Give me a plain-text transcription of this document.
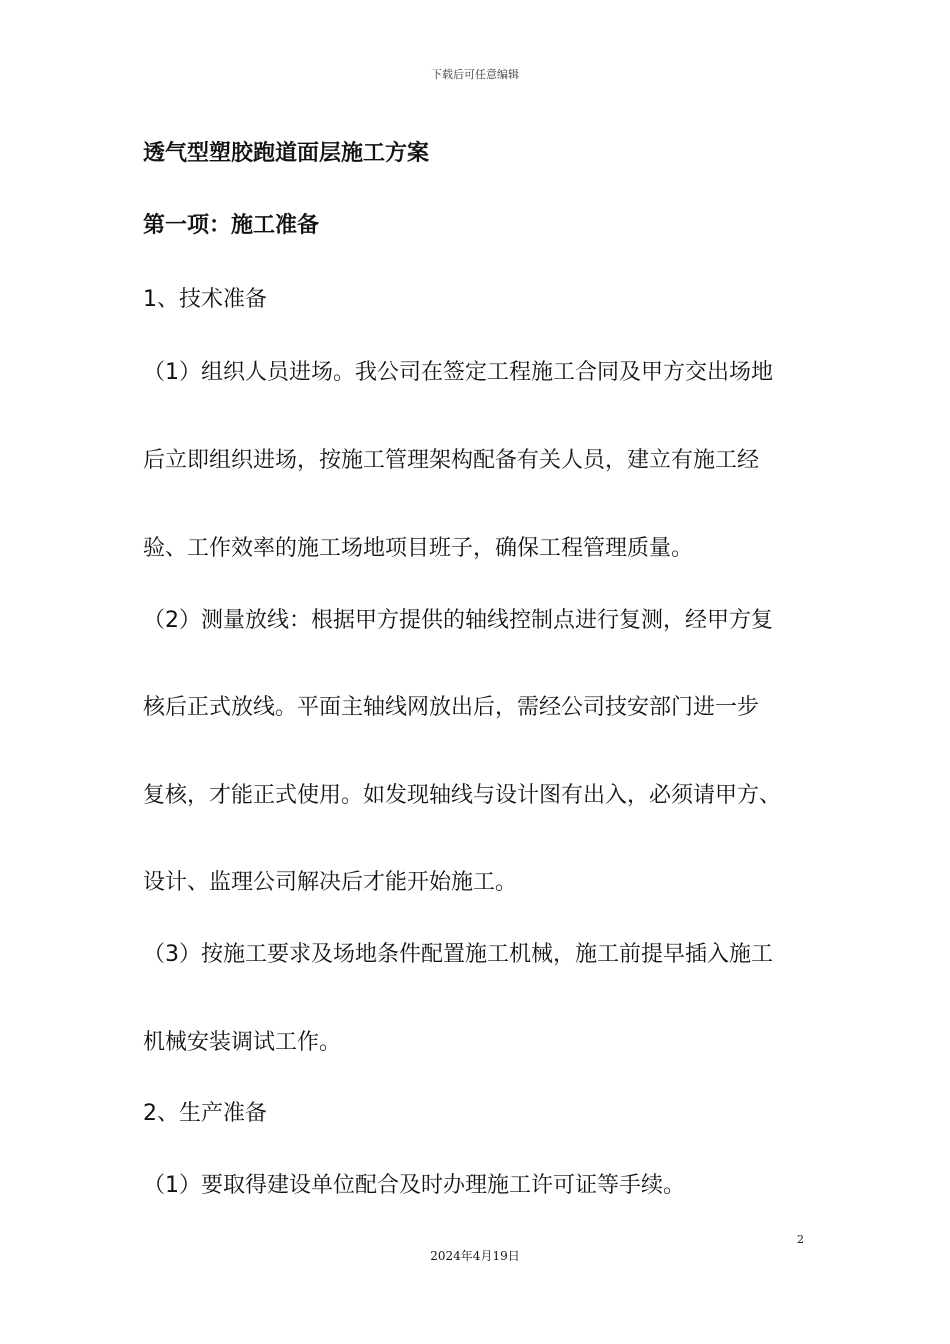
下载后可任意编辑
透气型塑胶跑道面层施工方案
第一项：施工准备
1、技术准备
（1）组织人员进场。我公司在签定工程施工合同及甲方交出场地
后立即组织进场，按施工管理架构配备有关人员，建立有施工经
验、工作效率的施工场地项目班子，确保工程管理质量。
（2）测量放线：根据甲方提供的轴线控制点进行复测，经甲方复
核后正式放线。平面主轴线网放出后，需经公司技安部门进一步
复核，才能正式使用。如发现轴线与设计图有出入，必须请甲方、
设计、监理公司解决后才能开始施工。
（3）按施工要求及场地条件配置施工机械，施工前提早插入施工
机械安装调试工作。
2、生产准备
（1）要取得建设单位配合及时办理施工许可证等手续。
2
2024年4月19日
